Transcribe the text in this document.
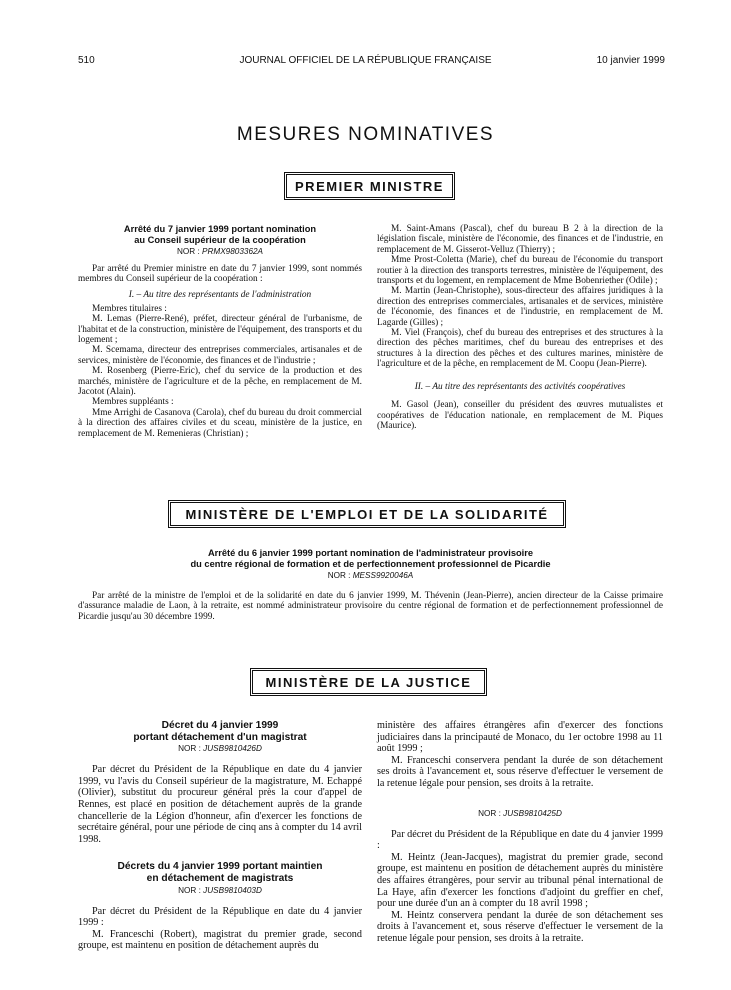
510	JOURNAL OFFICIEL DE LA RÉPUBLIQUE FRANÇAISE	10 janvier 1999
MESURES NOMINATIVES
PREMIER MINISTRE
Arrêté du 7 janvier 1999 portant nomination
au Conseil supérieur de la coopération
NOR : PRMX9803362A

Par arrêté du Premier ministre en date du 7 janvier 1999, sont nommés membres du Conseil supérieur de la coopération :

I. – Au titre des représentants de l'administration

Membres titulaires :

M. Lemas (Pierre-René), préfet, directeur général de l'urbanisme, de l'habitat et de la construction, ministère de l'équipement, des transports et du logement ;

M. Scemama, directeur des entreprises commerciales, artisanales et de services, ministère de l'économie, des finances et de l'industrie ;

M. Rosenberg (Pierre-Eric), chef du service de la production et des marchés, ministère de l'agriculture et de la pêche, en remplacement de M. Jacotot (Alain).

Membres suppléants :

Mme Arrighi de Casanova (Carola), chef du bureau du droit commercial à la direction des affaires civiles et du sceau, ministère de la justice, en remplacement de M. Remenieras (Christian) ;

M. Saint-Amans (Pascal), chef du bureau B 2 à la direction de la législation fiscale, ministère de l'économie, des finances et de l'industrie, en remplacement de M. Gisserot-Velluz (Thierry) ;

Mme Prost-Coletta (Marie), chef du bureau de l'économie du transport routier à la direction des transports terrestres, ministère de l'équipement, des transports et du logement, en remplacement de Mme Bobenriether (Odile) ;

M. Martin (Jean-Christophe), sous-directeur des affaires juridiques à la direction des entreprises commerciales, artisanales et de services, ministère de l'économie, des finances et de l'industrie, en remplacement de M. Lagarde (Gilles) ;

M. Viel (François), chef du bureau des entreprises et des structures à la direction des pêches maritimes, chef du bureau des entreprises et des structures à la direction des pêches et des cultures marines, ministère de l'agriculture et de la pêche, en remplacement de M. Coopu (Jean-Pierre).

II. – Au titre des représentants des activités coopératives

M. Gasol (Jean), conseiller du président des œuvres mutualistes et coopératives de l'éducation nationale, en remplacement de M. Piques (Maurice).

MINISTÈRE DE L'EMPLOI ET DE LA SOLIDARITÉ
Arrêté du 6 janvier 1999 portant nomination de l'administrateur provisoire
du centre régional de formation et de perfectionnement professionnel de Picardie
NOR : MESS9920046A

Par arrêté de la ministre de l'emploi et de la solidarité en date du 6 janvier 1999, M. Thévenin (Jean-Pierre), ancien directeur de la Caisse primaire d'assurance maladie de Laon, à la retraite, est nommé administrateur provisoire du centre régional de formation et de perfectionnement professionnel de Picardie jusqu'au 30 décembre 1999.

MINISTÈRE DE LA JUSTICE
Décret du 4 janvier 1999
portant détachement d'un magistrat
NOR : JUSB9810426D

Par décret du Président de la République en date du 4 janvier 1999, vu l'avis du Conseil supérieur de la magistrature, M. Echappé (Olivier), substitut du procureur général près la cour d'appel de Rennes, est placé en position de détachement auprès de la grande chancellerie de la Légion d'honneur, afin d'exercer les fonctions de secrétaire général, pour une période de cinq ans à compter du 14 avril 1998.

Décrets du 4 janvier 1999 portant maintien
en détachement de magistrats
NOR : JUSB9810403D

Par décret du Président de la République en date du 4 janvier 1999 :

M. Franceschi (Robert), magistrat du premier grade, second groupe, est maintenu en position de détachement auprès du

ministère des affaires étrangères afin d'exercer des fonctions judiciaires dans la principauté de Monaco, du 1er octobre 1998 au 11 août 1999 ;

M. Franceschi conservera pendant la durée de son détachement ses droits à l'avancement et, sous réserve d'effectuer le versement de la retenue légale pour pension, ses droits à la retraite.

NOR : JUSB9810425D

Par décret du Président de la République en date du 4 janvier 1999 :

M. Heintz (Jean-Jacques), magistrat du premier grade, second groupe, est maintenu en position de détachement auprès du ministère des affaires étrangères, pour servir au tribunal pénal international de La Haye, afin d'exercer les fonctions d'adjoint du greffier en chef, pour une durée d'un an à compter du 18 avril 1998 ;

M. Heintz conservera pendant la durée de son détachement ses droits à l'avancement et, sous réserve d'effectuer le versement de la retenue légale pour pension, ses droits à la retraite.
